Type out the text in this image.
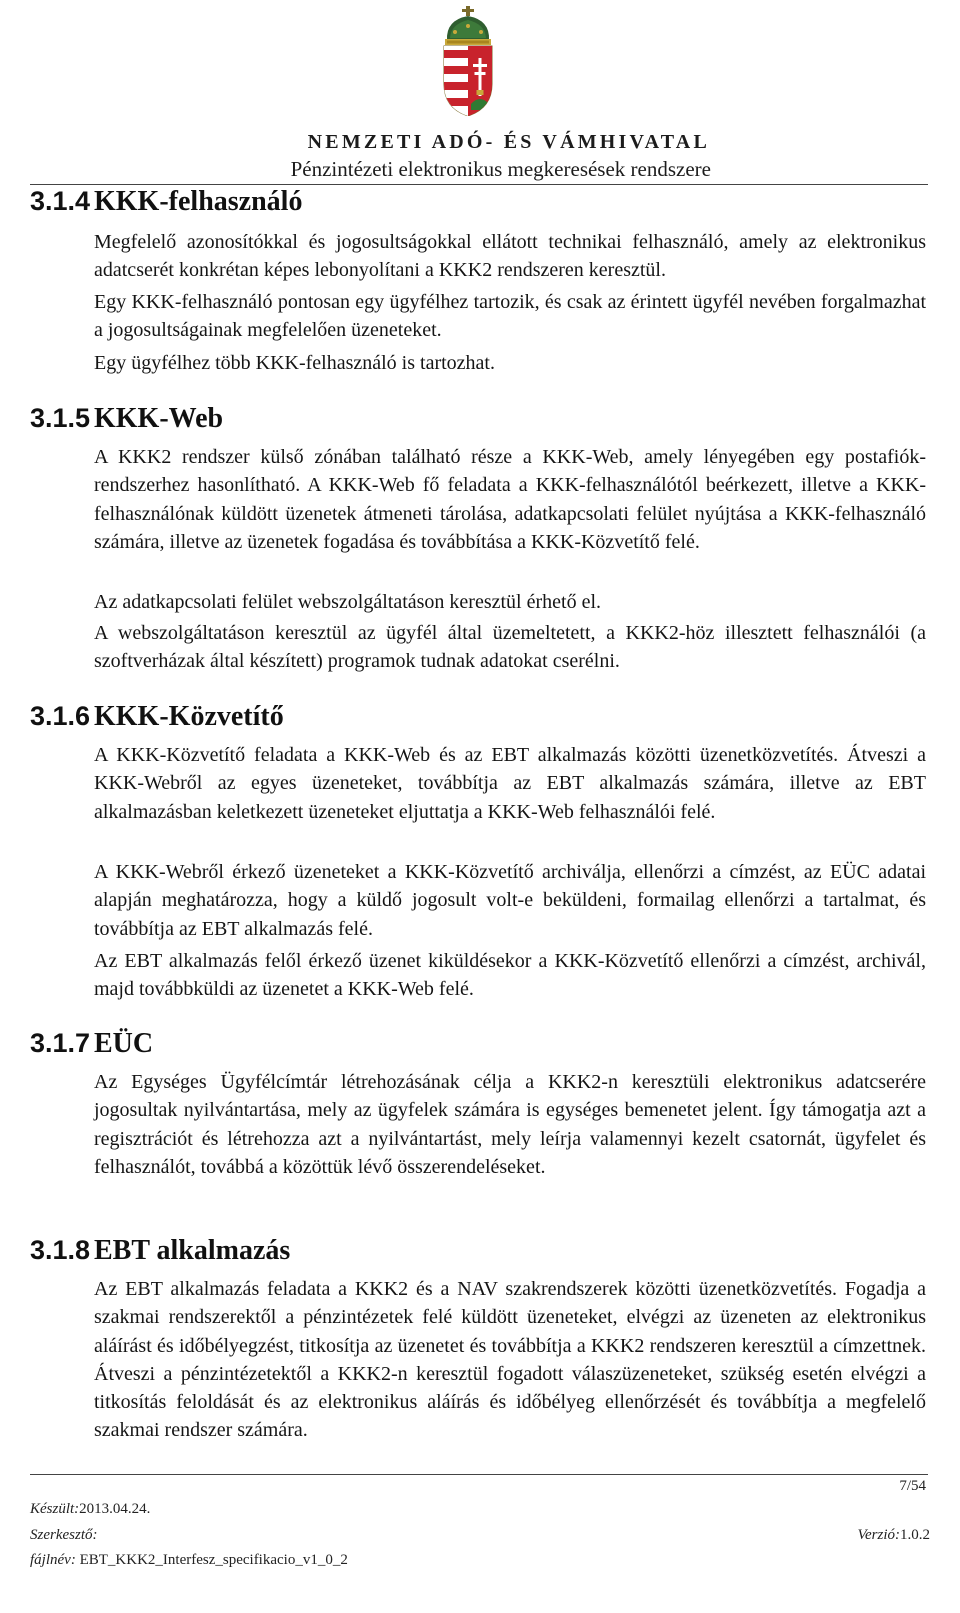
NEMZETI ADÓ- ÉS VÁMHIVATAL
Pénzintézeti elektronikus megkeresések rendszere
3.1.4 KKK-felhasználó

Megfelelő azonosítókkal és jogosultságokkal ellátott technikai felhasználó, amely az elektronikus adatcserét konkrétan képes lebonyolítani a KKK2 rendszeren keresztül.

Egy KKK-felhasználó pontosan egy ügyfélhez tartozik, és csak az érintett ügyfél nevében forgalmazhat a jogosultságainak megfelelően üzeneteket.

Egy ügyfélhez több KKK-felhasználó is tartozhat.

3.1.5 KKK-Web

A KKK2 rendszer külső zónában található része a KKK-Web, amely lényegében egy postafiók-rendszerhez hasonlítható. A KKK-Web fő feladata a KKK-felhasználótól beérkezett, illetve a KKK-felhasználónak küldött üzenetek átmeneti tárolása, adatkapcsolati felület nyújtása a KKK-felhasználó számára, illetve az üzenetek fogadása és továbbítása a KKK-Közvetítő felé.

Az adatkapcsolati felület webszolgáltatáson keresztül érhető el.

A webszolgáltatáson keresztül az ügyfél által üzemeltetett, a KKK2-höz illesztett felhasználói (a szoftverházak által készített) programok tudnak adatokat cserélni.

3.1.6 KKK-Közvetítő

A KKK-Közvetítő feladata a KKK-Web és az EBT alkalmazás közötti üzenetközvetítés. Átveszi a KKK-Webről az egyes üzeneteket, továbbítja az EBT alkalmazás számára, illetve az EBT alkalmazásban keletkezett üzeneteket eljuttatja a KKK-Web felhasználói felé.

A KKK-Webről érkező üzeneteket a KKK-Közvetítő archiválja, ellenőrzi a címzést, az EÜC adatai alapján meghatározza, hogy a küldő jogosult volt-e beküldeni, formailag ellenőrzi a tartalmat, és továbbítja az EBT alkalmazás felé.

Az EBT alkalmazás felől érkező üzenet kiküldésekor a KKK-Közvetítő ellenőrzi a címzést, archivál, majd továbbküldi az üzenetet a KKK-Web felé.

3.1.7 EÜC

Az Egységes Ügyfélcímtár létrehozásának célja a KKK2-n keresztüli elektronikus adatcserére jogosultak nyilvántartása, mely az ügyfelek számára is egységes bemenetet jelent. Így támogatja azt a regisztrációt és létrehozza azt a nyilvántartást, mely leírja valamennyi kezelt csatornát, ügyfelet és felhasználót, továbbá a közöttük lévő összerendeléseket.

3.1.8 EBT alkalmazás

Az EBT alkalmazás feladata a KKK2 és a NAV szakrendszerek közötti üzenetközvetítés. Fogadja a szakmai rendszerektől a pénzintézetek felé küldött üzeneteket, elvégzi az üzeneten az elektronikus aláírást és időbélyegzést, titkosítja az üzenetet és továbbítja a KKK2 rendszeren keresztül a címzettnek. Átveszi a pénzintézetektől a KKK2-n keresztül fogadott válaszüzeneteket, szükség esetén elvégzi a titkosítás feloldását és az elektronikus aláírás és időbélyeg ellenőrzését és továbbítja a megfelelő szakmai rendszer számára.

7/54
Készült:2013.04.24.
Szerkesztő:	Verzió:1.0.2
fájlnév: EBT_KKK2_Interfesz_specifikacio_v1_0_2
